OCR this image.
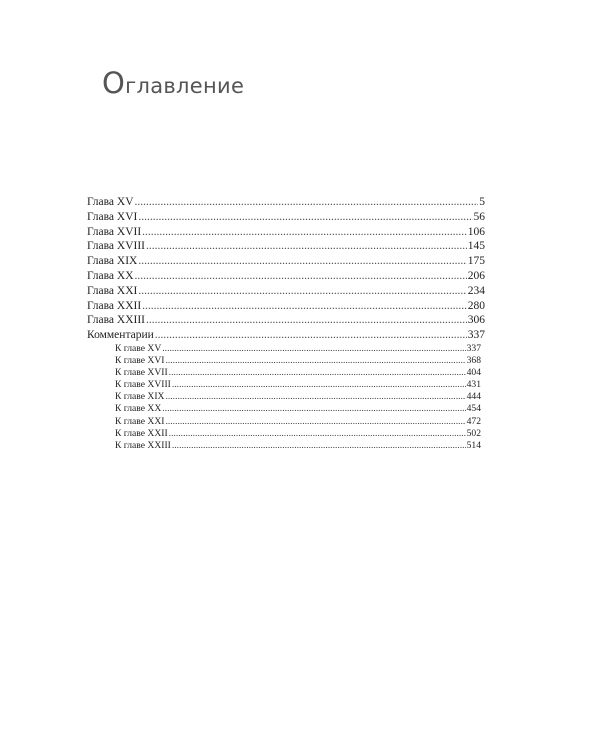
Оглавление
Глава XV .....	5
Глава XVI .....	56
Глава XVII .....	106
Глава XVIII .....	145
Глава XIX .....	175
Глава XX .....	206
Глава XXI .....	234
Глава XXII .....	280
Глава XXIII .....	306
Комментарии .....	337
К главе XV .....	337
К главе XVI .....	368
К главе XVII .....	404
К главе XVIII .....	431
К главе XIX .....	444
К главе XX .....	454
К главе XXI .....	472
К главе XXII .....	502
К главе XXIII .....	514
